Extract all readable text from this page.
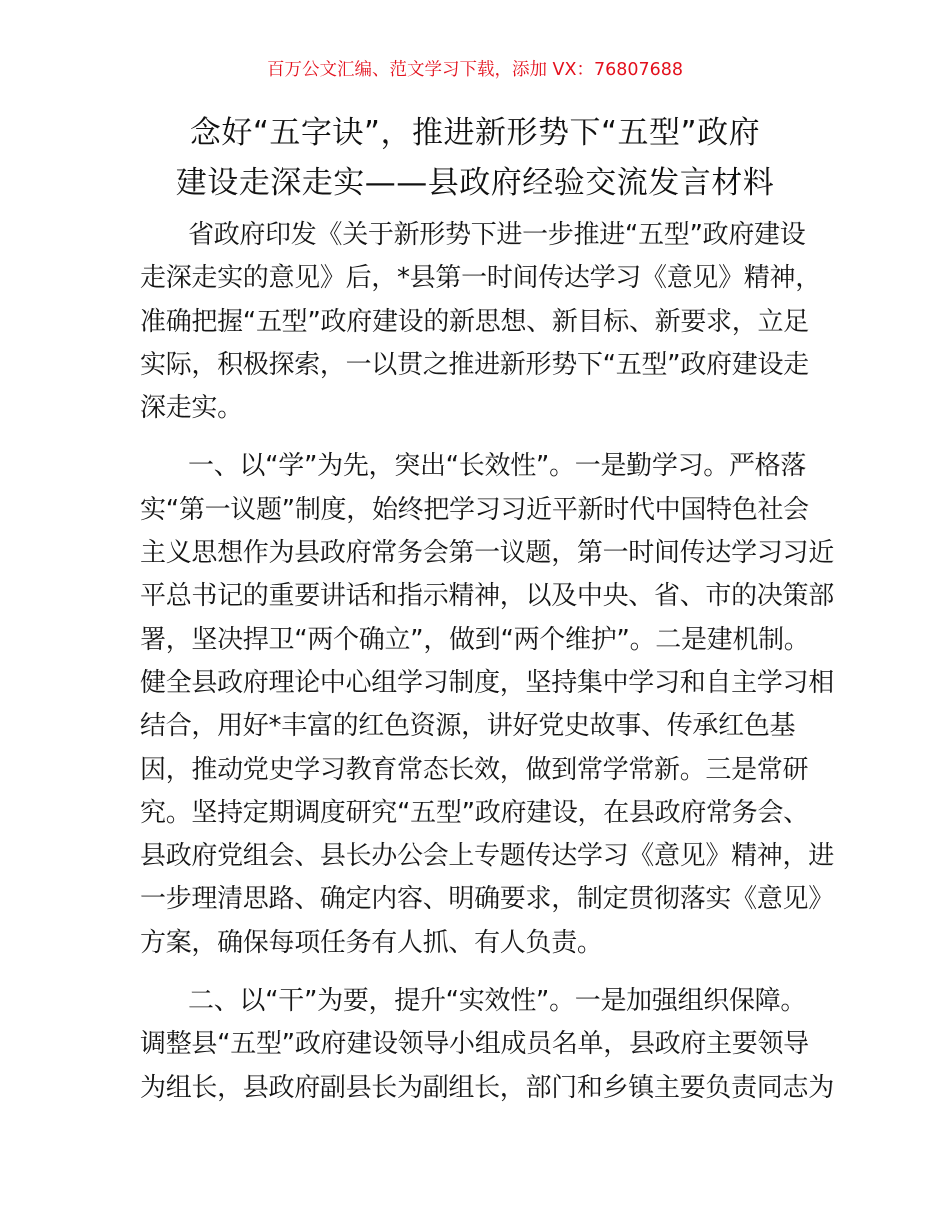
百万公文汇编、范文学习下载，添加 VX：76807688
念好“五字诀”，推进新形势下“五型”政府
建设走深走实——县政府经验交流发言材料

省政府印发《关于新形势下进一步推进“五型”政府建设
走深走实的意见》后，*县第一时间传达学习《意见》精神，
准确把握“五型”政府建设的新思想、新目标、新要求，立足
实际，积极探索，一以贯之推进新形势下“五型”政府建设走
深走实。

一、以“学”为先，突出“长效性”。一是勤学习。严格落
实“第一议题”制度，始终把学习习近平新时代中国特色社会
主义思想作为县政府常务会第一议题，第一时间传达学习习近
平总书记的重要讲话和指示精神，以及中央、省、市的决策部
署，坚决捍卫“两个确立”，做到“两个维护”。二是建机制。
健全县政府理论中心组学习制度，坚持集中学习和自主学习相
结合，用好*丰富的红色资源，讲好党史故事、传承红色基
因，推动党史学习教育常态长效，做到常学常新。三是常研
究。坚持定期调度研究“五型”政府建设，在县政府常务会、
县政府党组会、县长办公会上专题传达学习《意见》精神，进
一步理清思路、确定内容、明确要求，制定贯彻落实《意见》
方案，确保每项任务有人抓、有人负责。

二、以“干”为要，提升“实效性”。一是加强组织保障。
调整县“五型”政府建设领导小组成员名单，县政府主要领导
为组长，县政府副县长为副组长，部门和乡镇主要负责同志为
